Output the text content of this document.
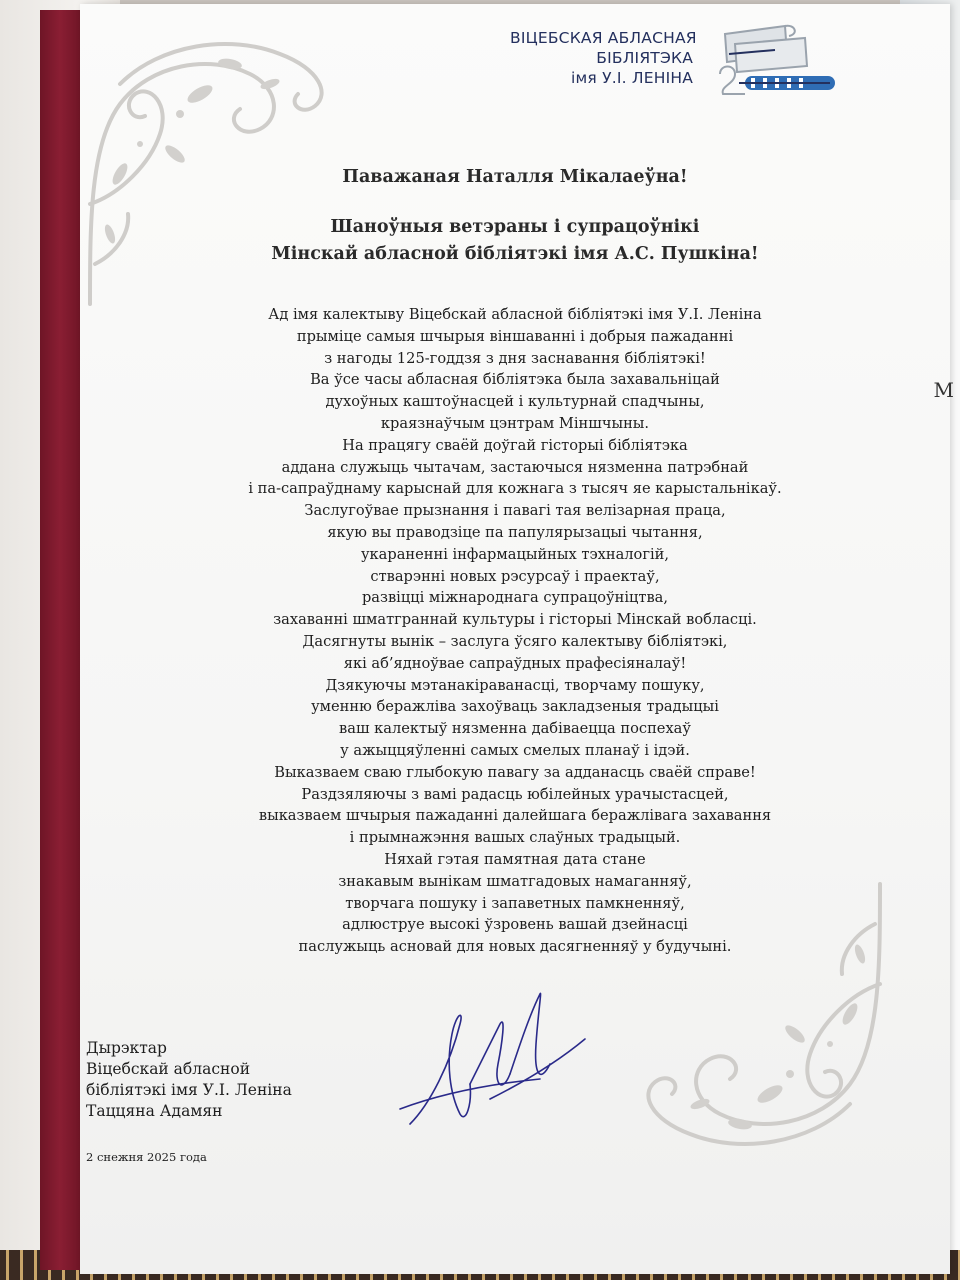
ВІЦЕБСКАЯ АБЛАСНАЯ
БІБЛІЯТЭКА
імя У.І. ЛЕНІНА
Паважаная Наталля Мікалаеўна!
Шаноўныя ветэраны і супрацоўнікі
Мінскай абласной бібліятэкі імя А.С. Пушкіна!
Ад імя калектыву Віцебскай абласной бібліятэкі імя У.І. Леніна
прыміце самыя шчырыя віншаванні і добрыя пажаданні
з нагоды 125-годдзя з дня заснавання бібліятэкі!
Ва ўсе часы абласная бібліятэка была захавальніцай
духоўных каштоўнасцей і культурнай спадчыны,
краязнаўчым цэнтрам Міншчыны.
На працягу сваёй доўгай гісторыі бібліятэка
аддана служыць чытачам, застаючыся нязменна патрэбнай
і па-сапраўднаму карыснай для кожнага з тысяч яе карыстальнікаў.
Заслугоўвае прызнання і павагі тая велізарная праца,
якую вы праводзіце па папулярызацыі чытання,
укараненні інфармацыйных тэхналогій,
стварэнні новых рэсурсаў і праектаў,
развіцці міжнароднага супрацоўніцтва,
захаванні шматграннай культуры і гісторыі Мінскай вобласці.
Дасягнуты вынік – заслуга ўсяго калектыву бібліятэкі,
які аб’ядноўвае сапраўдных прафесіяналаў!
Дзякуючы мэтанакіраванасці, творчаму пошуку,
уменню беражліва захоўваць закладзеныя традыцыі
ваш калектыў нязменна дабіваецца поспехаў
у ажыццяўленні самых смелых планаў і ідэй.
Выказваем сваю глыбокую павагу за адданасць сваёй справе!
Раздзяляючы з вамі радасць юбілейных урачыстасцей,
выказваем шчырыя пажаданні далейшага беражлівага захавання
і прымнажэння вашых слаўных традыцый.
Няхай гэтая памятная дата стане
знакавым вынікам шматгадовых намаганняў,
творчага пошуку і запаветных памкненняў,
адлюструе высокі ўзровень вашай дзейнасці
паслужыць асновай для новых дасягненняў у будучыні.
Дырэктар
Віцебскай абласной
бібліятэкі імя У.І. Леніна
Таццяна Адамян
2 снежня 2025 года
М
